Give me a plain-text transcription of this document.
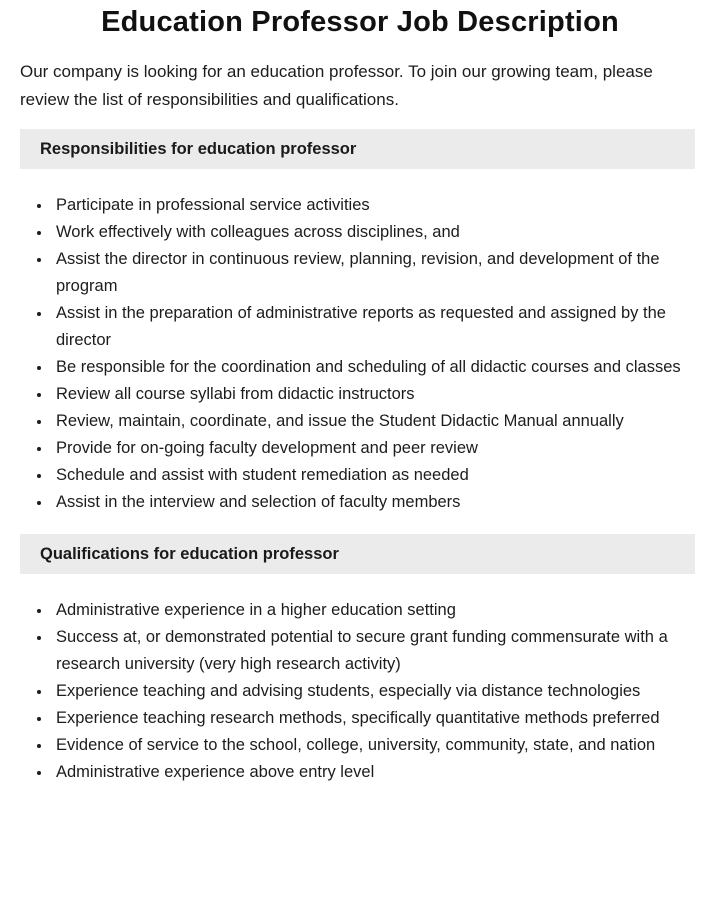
Education Professor Job Description

Our company is looking for an education professor. To join our growing team, please review the list of responsibilities and qualifications.

Responsibilities for education professor
• Participate in professional service activities
• Work effectively with colleagues across disciplines, and
• Assist the director in continuous review, planning, revision, and development of the program
• Assist in the preparation of administrative reports as requested and assigned by the director
• Be responsible for the coordination and scheduling of all didactic courses and classes
• Review all course syllabi from didactic instructors
• Review, maintain, coordinate, and issue the Student Didactic Manual annually
• Provide for on-going faculty development and peer review
• Schedule and assist with student remediation as needed
• Assist in the interview and selection of faculty members
Qualifications for education professor
• Administrative experience in a higher education setting
• Success at, or demonstrated potential to secure grant funding commensurate with a research university (very high research activity)
• Experience teaching and advising students, especially via distance technologies
• Experience teaching research methods, specifically quantitative methods preferred
• Evidence of service to the school, college, university, community, state, and nation
• Administrative experience above entry level
